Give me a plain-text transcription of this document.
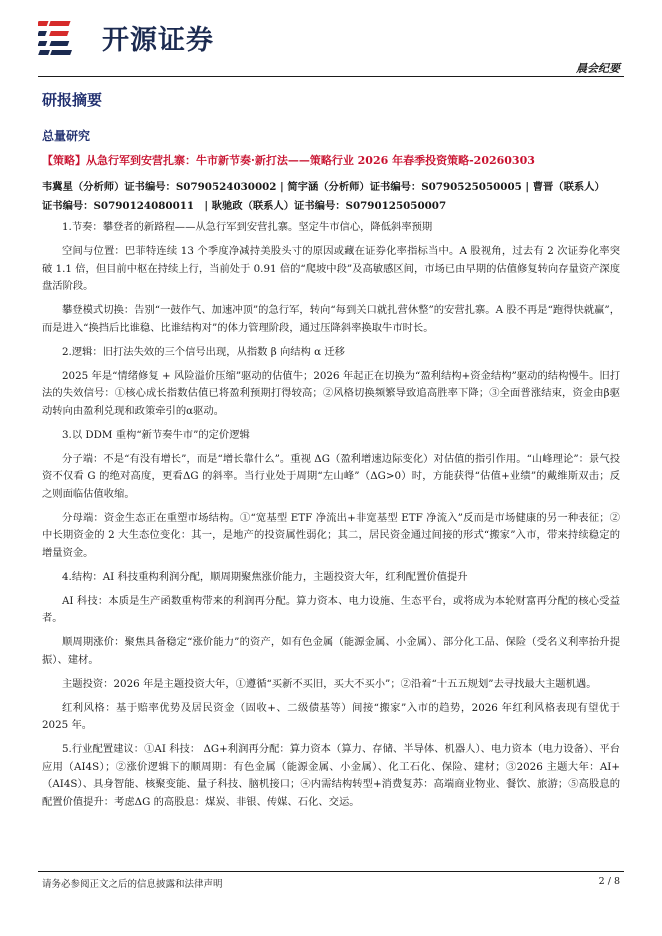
开源证券
晨会纪要
研报摘要
总量研究
【策略】从急行军到安营扎寨：牛市新节奏·新打法——策略行业 2026 年春季投资策略-20260303
韦冀星（分析师）证书编号：S0790524030002 | 简宇涵（分析师）证书编号：S0790525050005 | 曹晋（联系人）
证书编号：S0790124080011　| 耿驰政（联系人）证书编号：S0790125050007

1.节奏：攀登者的新路程——从急行军到安营扎寨。坚定牛市信心，降低斜率预期

空间与位置：巴菲特连续 13 个季度净减持美股头寸的原因或藏在证券化率指标当中。A 股视角，过去有 2 次证券化率突破 1.1 倍，但目前中枢在持续上行，当前处于 0.91 倍的“爬坡中段”及高敏感区间，市场已由早期的估值修复转向存量资产深度盘活阶段。

攀登模式切换：告别“一鼓作气、加速冲顶”的急行军，转向“每到关口就扎营休整”的安营扎寨。A 股不再是“跑得快就赢”，而是进入“换挡后比谁稳、比谁结构对”的体力管理阶段，通过压降斜率换取牛市时长。

2.逻辑：旧打法失效的三个信号出现，从指数 β 向结构 α 迁移

2025 年是“情绪修复 + 风险溢价压缩”驱动的估值牛；2026 年起正在切换为“盈利结构+资金结构”驱动的结构慢牛。旧打法的失效信号：①核心成长指数估值已将盈利预期打得较高；②风格切换频繁导致追高胜率下降；③全面普涨结束，资金由β驱动转向由盈利兑现和政策牵引的α驱动。

3.以 DDM 重构“新节奏牛市”的定价逻辑

分子端：不是“有没有增长”，而是“增长靠什么”。重视 ΔG（盈利增速边际变化）对估值的指引作用。“山峰理论”：景气投资不仅看 G 的绝对高度，更看ΔG 的斜率。当行业处于周期“左山峰”（ΔG>0）时，方能获得“估值+业绩”的戴维斯双击；反之则面临估值收缩。

分母端：资金生态正在重塑市场结构。①“宽基型 ETF 净流出+非宽基型 ETF 净流入”反而是市场健康的另一种表征；②中长期资金的 2 大生态位变化：其一，是地产的投资属性弱化；其二，居民资金通过间接的形式“搬家”入市，带来持续稳定的增量资金。

4.结构：AI 科技重构利润分配，顺周期聚焦涨价能力，主题投资大年，红利配置价值提升

AI 科技：本质是生产函数重构带来的利润再分配。算力资本、电力设施、生态平台，或将成为本轮财富再分配的核心受益者。

顺周期涨价：聚焦具备稳定“涨价能力”的资产，如有色金属（能源金属、小金属）、部分化工品、保险（受名义利率抬升提振）、建材。

主题投资：2026 年是主题投资大年，①遵循“买新不买旧，买大不买小”；②沿着“十五五规划”去寻找最大主题机遇。

红利风格：基于赔率优势及居民资金（固收+、二级债基等）间接“搬家”入市的趋势，2026 年红利风格表现有望优于 2025 年。

5.行业配置建议：①AI 科技： ΔG+利润再分配：算力资本（算力、存储、半导体、机器人）、电力资本（电力设备）、平台应用（AI4S）；②涨价逻辑下的顺周期：有色金属（能源金属、小金属）、化工石化、保险、建材；③2026 主题大年：AI+（AI4S）、具身智能、核聚变能、量子科技、脑机接口；④内需结构转型+消费复苏：高端商业物业、餐饮、旅游；⑤高股息的配置价值提升：考虑ΔG 的高股息：煤炭、非银、传媒、石化、交运。

请务必参阅正文之后的信息披露和法律声明	2 / 8
